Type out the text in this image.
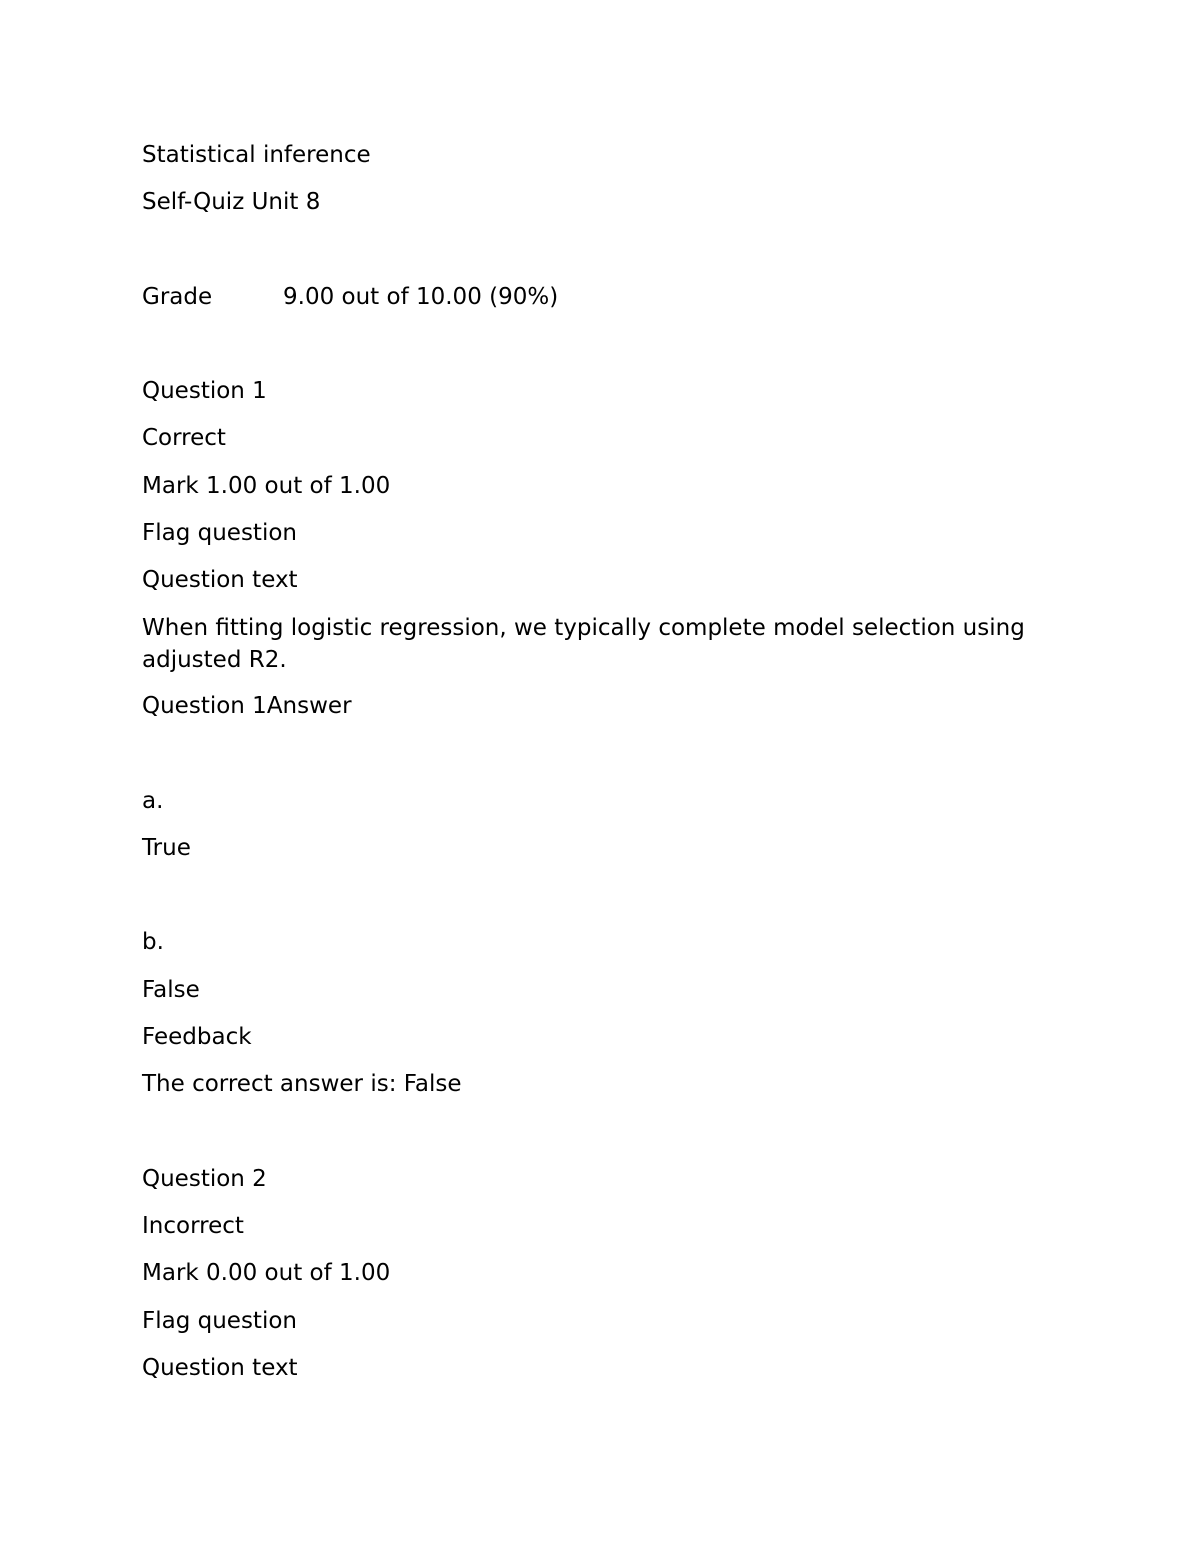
Statistical inference
Self-Quiz Unit 8
Grade	9.00 out of 10.00 (90%)
Question 1
Correct
Mark 1.00 out of 1.00
Flag question
Question text
When fitting logistic regression, we typically complete model selection using adjusted R2.
Question 1Answer
a.
True
b.
False
Feedback
The correct answer is: False
Question 2
Incorrect
Mark 0.00 out of 1.00
Flag question
Question text
